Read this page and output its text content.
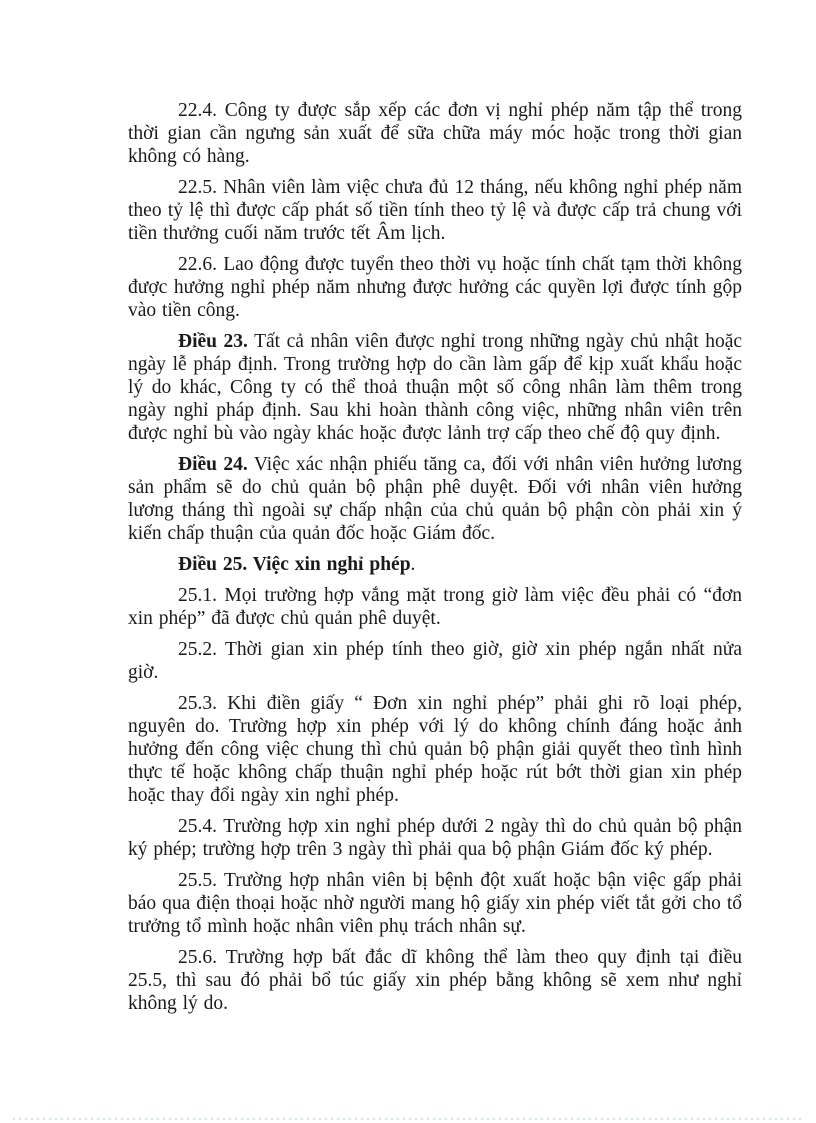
22.4. Công ty được sắp xếp các đơn vị nghỉ phép năm tập thể trong thời gian cần ngưng sản xuất để sữa chữa máy móc hoặc trong thời gian không có hàng.

22.5. Nhân viên làm việc chưa đủ 12 tháng, nếu không nghỉ phép năm theo tỷ lệ thì được cấp phát số tiền tính theo tỷ lệ và được cấp trả chung với tiền thưởng cuối năm trước tết Âm lịch.

22.6. Lao động được tuyển theo thời vụ hoặc tính chất tạm thời không được hưởng nghỉ phép năm nhưng được hưởng các quyền lợi được tính gộp vào tiền công.

Điều 23. Tất cả nhân viên được nghỉ trong những ngày chủ nhật hoặc ngày lễ pháp định. Trong trường hợp do cần làm gấp để kịp xuất khẩu hoặc lý do khác, Công ty có thể thoả thuận một số công nhân làm thêm trong ngày nghỉ pháp định. Sau khi hoàn thành công việc, những nhân viên trên được nghỉ bù vào ngày khác hoặc được lảnh trợ cấp theo chế độ quy định.

Điều 24. Việc xác nhận phiếu tăng ca, đối với nhân viên hưởng lương sản phẩm sẽ do chủ quản bộ phận phê duyệt. Đối với nhân viên hưởng lương tháng thì ngoài sự chấp nhận của chủ quản bộ phận còn phải xin ý kiến chấp thuận của quản đốc hoặc Giám đốc.

Điều 25. Việc xin nghỉ phép.

25.1. Mọi trường hợp vắng mặt trong giờ làm việc đều phải có “đơn xin phép” đã được chủ quản phê duyệt.

25.2. Thời gian xin phép tính theo giờ, giờ xin phép ngắn nhất nửa giờ.

25.3. Khi điền giấy “ Đơn xin nghỉ phép” phải ghi rõ loại phép, nguyên do. Trường hợp xin phép với lý do không chính đáng hoặc ảnh hưởng đến công việc chung thì chủ quản bộ phận giải quyết theo tình hình thực tế hoặc không chấp thuận nghỉ phép hoặc rút bớt thời gian xin phép hoặc thay đổi ngày xin nghỉ phép.

25.4. Trường hợp xin nghỉ phép dưới 2 ngày thì do chủ quản bộ phận ký phép; trường hợp trên 3 ngày thì phải qua bộ phận Giám đốc ký phép.

25.5. Trường hợp nhân viên bị bệnh đột xuất hoặc bận việc gấp phải báo qua điện thoại hoặc nhờ người mang hộ giấy xin phép viết tắt gởi cho tổ trưởng tổ mình hoặc nhân viên phụ trách nhân sự.

25.6. Trường hợp bất đắc dĩ không thể làm theo quy định tại điều 25.5, thì sau đó phải bổ túc giấy xin phép bằng không sẽ xem như nghỉ không lý do.
